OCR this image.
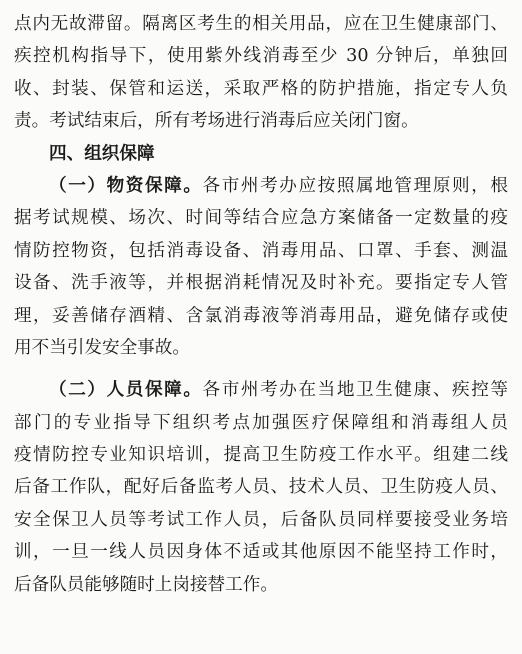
点内无故滞留。隔离区考生的相关用品，应在卫生健康部门、
疾控机构指导下，使用紫外线消毒至少 30 分钟后，单独回
收、封装、保管和运送，采取严格的防护措施，指定专人负
责。考试结束后，所有考场进行消毒后应关闭门窗。
四、组织保障
（一）物资保障。各市州考办应按照属地管理原则，根
据考试规模、场次、时间等结合应急方案储备一定数量的疫
情防控物资，包括消毒设备、消毒用品、口罩、手套、测温
设备、洗手液等，并根据消耗情况及时补充。要指定专人管
理，妥善储存酒精、含氯消毒液等消毒用品，避免储存或使
用不当引发安全事故。
（二）人员保障。各市州考办在当地卫生健康、疾控等
部门的专业指导下组织考点加强医疗保障组和消毒组人员
疫情防控专业知识培训，提高卫生防疫工作水平。组建二线
后备工作队，配好后备监考人员、技术人员、卫生防疫人员、
安全保卫人员等考试工作人员，后备队员同样要接受业务培
训，一旦一线人员因身体不适或其他原因不能坚持工作时，
后备队员能够随时上岗接替工作。
